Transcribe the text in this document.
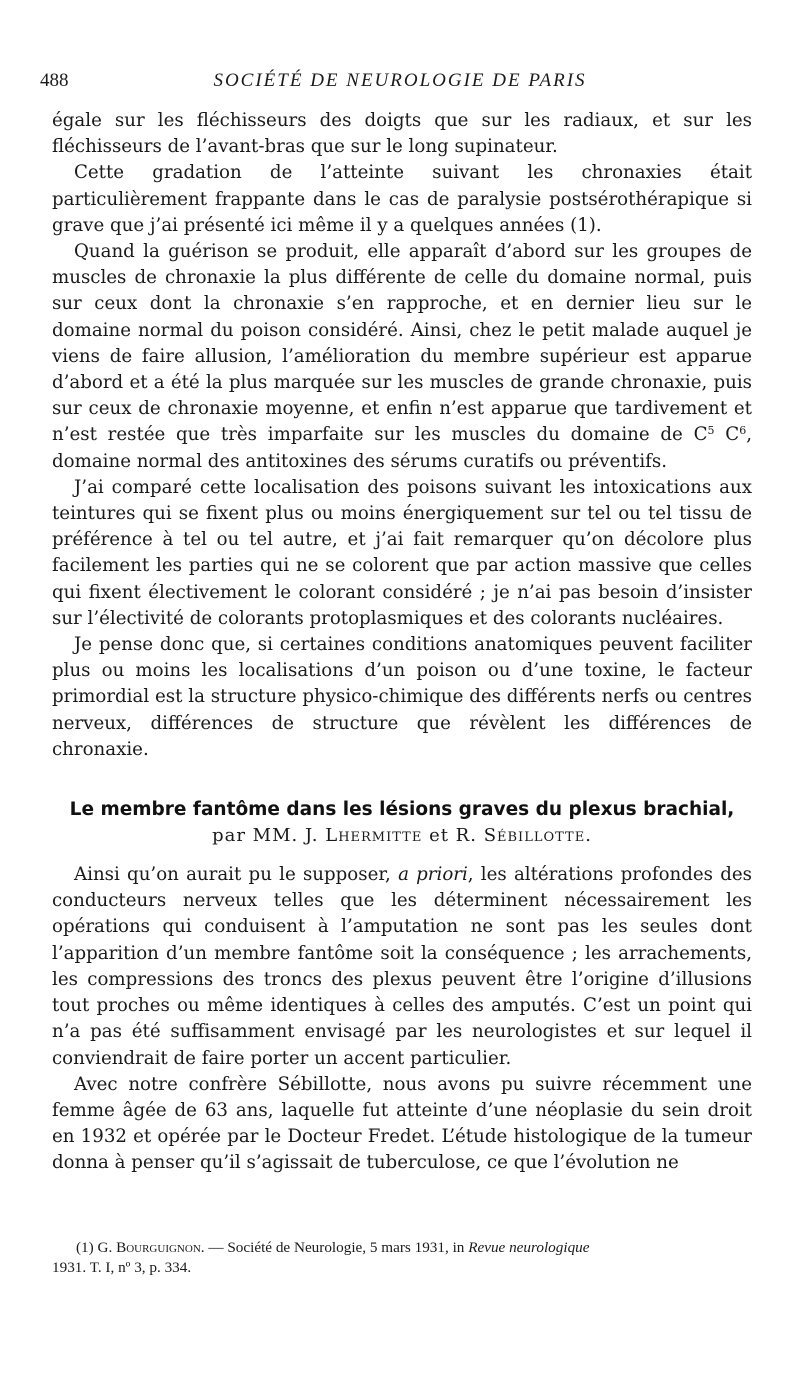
488	SOCIÉTÉ DE NEUROLOGIE DE PARIS

égale sur les fléchisseurs des doigts que sur les radiaux, et sur les fléchisseurs de l’avant-bras que sur le long supinateur.

Cette gradation de l’atteinte suivant les chronaxies était particulièrement frappante dans le cas de paralysie postsérothérapique si grave que j’ai présenté ici même il y a quelques années (1).

Quand la guérison se produit, elle apparaît d’abord sur les groupes de muscles de chronaxie la plus différente de celle du domaine normal, puis sur ceux dont la chronaxie s’en rapproche, et en dernier lieu sur le domaine normal du poison considéré. Ainsi, chez le petit malade auquel je viens de faire allusion, l’amélioration du membre supérieur est apparue d’abord et a été la plus marquée sur les muscles de grande chronaxie, puis sur ceux de chronaxie moyenne, et enfin n’est apparue que tardivement et n’est restée que très imparfaite sur les muscles du domaine de $C^5$ $C^6$, domaine normal des antitoxines des sérums curatifs ou préventifs.

J’ai comparé cette localisation des poisons suivant les intoxications aux teintures qui se fixent plus ou moins énergiquement sur tel ou tel tissu de préférence à tel ou tel autre, et j’ai fait remarquer qu’on décolore plus facilement les parties qui ne se colorent que par action massive que celles qui fixent électivement le colorant considéré ; je n’ai pas besoin d’insister sur l’électivité de colorants protoplasmiques et des colorants nucléaires.

Je pense donc que, si certaines conditions anatomiques peuvent faciliter plus ou moins les localisations d’un poison ou d’une toxine, le facteur primordial est la structure physico-chimique des différents nerfs ou centres nerveux, différences de structure que révèlent les différences de chronaxie.

Le membre fantôme dans les lésions graves du plexus brachial,
par MM. J. Lhermitte et R. Sébillotte.

Ainsi qu’on aurait pu le supposer, a priori, les altérations profondes des conducteurs nerveux telles que les déterminent nécessairement les opérations qui conduisent à l’amputation ne sont pas les seules dont l’apparition d’un membre fantôme soit la conséquence ; les arrachements, les compressions des troncs des plexus peuvent être l’origine d’illusions tout proches ou même identiques à celles des amputés. C’est un point qui n’a pas été suffisamment envisagé par les neurologistes et sur lequel il conviendrait de faire porter un accent particulier.

Avec notre confrère Sébillotte, nous avons pu suivre récemment une femme âgée de 63 ans, laquelle fut atteinte d’une néoplasie du sein droit en 1932 et opérée par le Docteur Fredet. L’étude histologique de la tumeur donna à penser qu’il s’agissait de tuberculose, ce que l’évolution ne

(1) G. Bourguignon. — Société de Neurologie, 5 mars 1931, in Revue neurologique
1931. T. I, nº 3, p. 334.
